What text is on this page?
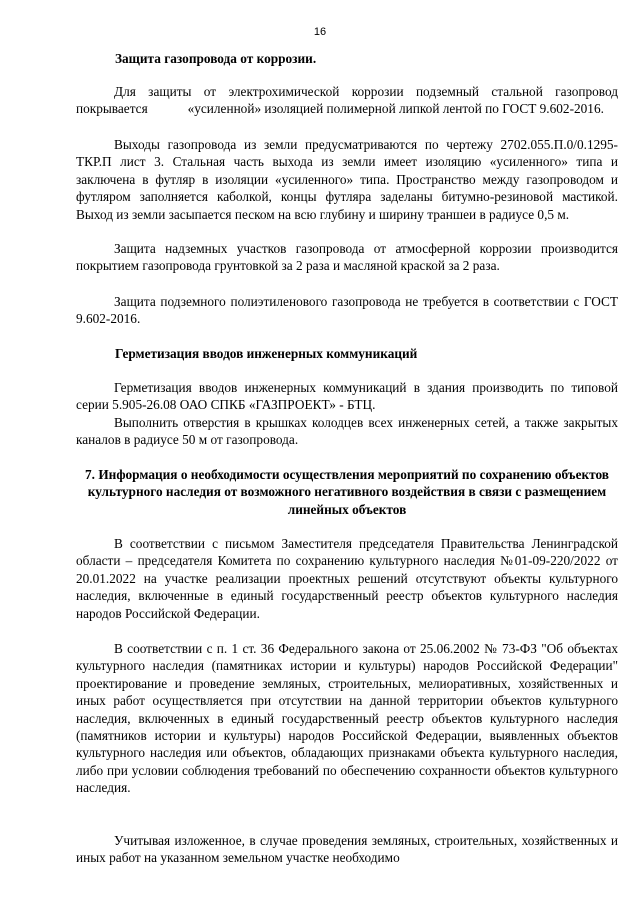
16
Защита газопровода от коррозии.
Для защиты от электрохимической коррозии подземный стальной газопровод покрывается            «усиленной» изоляцией полимерной липкой лентой по ГОСТ 9.602-2016.
Выходы газопровода из земли предусматриваются по чертежу 2702.055.П.0/0.1295-ТКР.П лист 3. Стальная часть выхода из земли имеет изоляцию «усиленного» типа и заключена в футляр в изоляции «усиленного» типа. Пространство между газопроводом и футляром заполняется каболкой, концы футляра заделаны битумно-резиновой мастикой. Выход из земли засыпается песком на всю глубину и ширину траншеи в радиусе 0,5 м.
Защита надземных участков газопровода от атмосферной коррозии производится покрытием газопровода грунтовкой за 2 раза и масляной краской за 2 раза.
Защита подземного полиэтиленового газопровода не требуется в соответствии с ГОСТ 9.602-2016.
Герметизация вводов инженерных коммуникаций
Герметизация вводов инженерных коммуникаций в здания производить по типовой серии 5.905-26.08 ОАО СПКБ «ГАЗПРОЕКТ» - БТЦ.
Выполнить отверстия в крышках колодцев всех инженерных сетей, а также закрытых каналов в радиусе 50 м от газопровода.
7. Информация о необходимости осуществления мероприятий по сохранению объектов культурного наследия от возможного негативного воздействия в связи с размещением линейных объектов
В соответствии с письмом Заместителя председателя Правительства Ленинградской области – председателя Комитета по сохранению культурного наследия №01-09-220/2022 от 20.01.2022 на участке реализации проектных решений отсутствуют объекты культурного наследия, включенные в единый государственный реестр объектов культурного наследия народов Российской Федерации.
В соответствии с п. 1 ст. 36 Федерального закона от 25.06.2002 № 73-ФЗ "Об объектах культурного наследия (памятниках истории и культуры) народов Российской Федерации" проектирование и проведение земляных, строительных, мелиоративных, хозяйственных и иных работ осуществляется при отсутствии на данной территории объектов культурного наследия, включенных в единый государственный реестр объектов культурного наследия (памятников истории и культуры) народов Российской Федерации, выявленных объектов культурного наследия или объектов, обладающих признаками объекта культурного наследия, либо при условии соблюдения требований по обеспечению сохранности объектов культурного наследия.
Учитывая изложенное, в случае проведения земляных, строительных, хозяйственных и иных работ на указанном земельном участке необходимо
